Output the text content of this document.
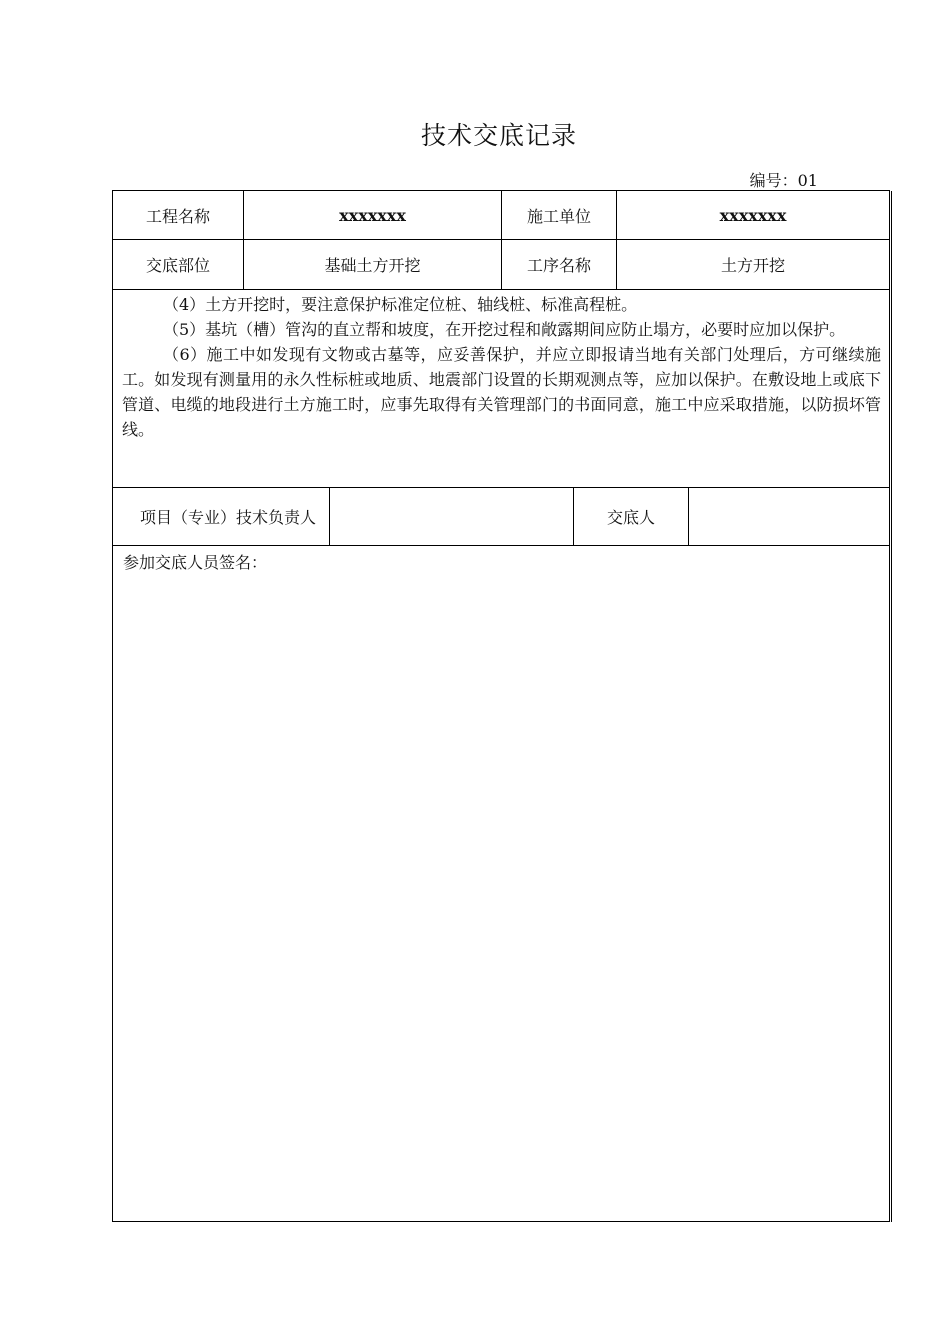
技术交底记录
编号：01
工程名称	xxxxxxx	施工单位	xxxxxxx
交底部位	基础土方开挖	工序名称	土方开挖

（4）土方开挖时，要注意保护标准定位桩、轴线桩、标准高程桩。

（5）基坑（槽）管沟的直立帮和坡度，在开挖过程和敞露期间应防止塌方，必要时应加以保护。

（6）施工中如发现有文物或古墓等，应妥善保护，并应立即报请当地有关部门处理后，方可继续施工。如发现有测量用的永久性标桩或地质、地震部门设置的长期观测点等，应加以保护。在敷设地上或底下管道、电缆的地段进行土方施工时，应事先取得有关管理部门的书面同意，施工中应采取措施，以防损坏管线。

项目（专业）技术负责人	交底人
参加交底人员签名：
